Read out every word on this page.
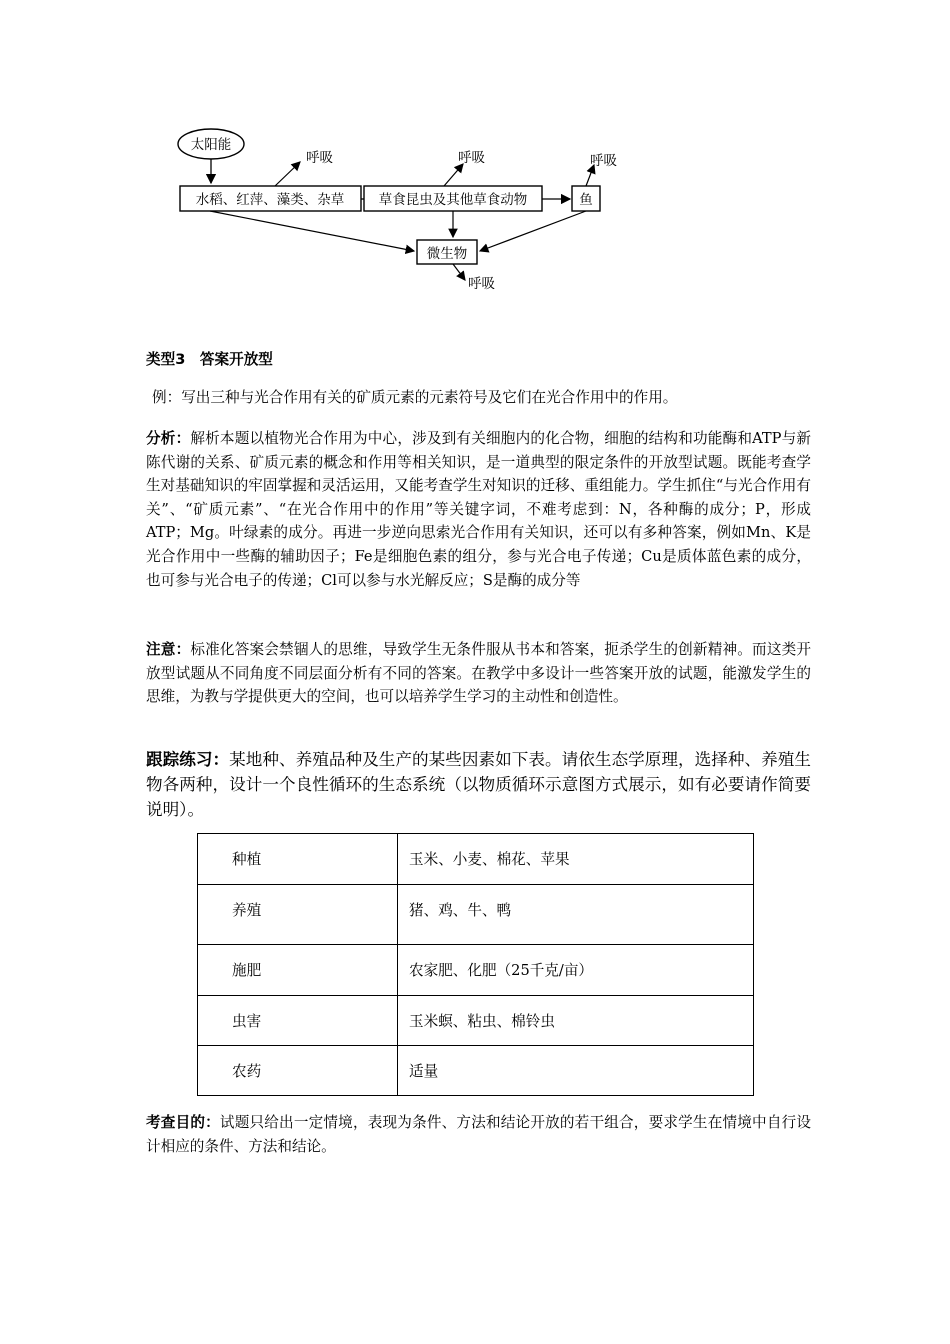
太阳能
水稻、红萍、藻类、杂草
呼吸
草食昆虫及其他草食动物
呼吸
鱼
呼吸
微生物
呼吸
类型3　答案开放型
例：写出三种与光合作用有关的矿质元素的元素符号及它们在光合作用中的作用。
分析：解析本题以植物光合作用为中心，涉及到有关细胞内的化合物，细胞的结构和功能酶和ATP与新陈代谢的关系、矿质元素的概念和作用等相关知识，是一道典型的限定条件的开放型试题。既能考查学生对基础知识的牢固掌握和灵活运用，又能考查学生对知识的迁移、重组能力。学生抓住“与光合作用有关”、“矿质元素”、“在光合作用中的作用”等关键字词，不难考虑到：N，各种酶的成分；P，形成ATP；Mg。叶绿素的成分。再进一步逆向思索光合作用有关知识，还可以有多种答案，例如Mn、K是光合作用中一些酶的辅助因子；Fe是细胞色素的组分，参与光合电子传递；Cu是质体蓝色素的成分，也可参与光合电子的传递；Cl可以参与水光解反应；S是酶的成分等
注意：标准化答案会禁锢人的思维，导致学生无条件服从书本和答案，扼杀学生的创新精神。而这类开放型试题从不同角度不同层面分析有不同的答案。在教学中多设计一些答案开放的试题，能激发学生的思维，为教与学提供更大的空间，也可以培养学生学习的主动性和创造性。
跟踪练习：某地种、养殖品种及生产的某些因素如下表。请依生态学原理，选择种、养殖生物各两种，设计一个良性循环的生态系统（以物质循环示意图方式展示，如有必要请作简要说明）。
种植	玉米、小麦、棉花、苹果

养殖	猪、鸡、牛、鸭

施肥	农家肥、化肥（25千克/亩）

虫害	玉米螟、粘虫、棉铃虫

农药	适量
考查目的：试题只给出一定情境，表现为条件、方法和结论开放的若干组合，要求学生在情境中自行设计相应的条件、方法和结论。
